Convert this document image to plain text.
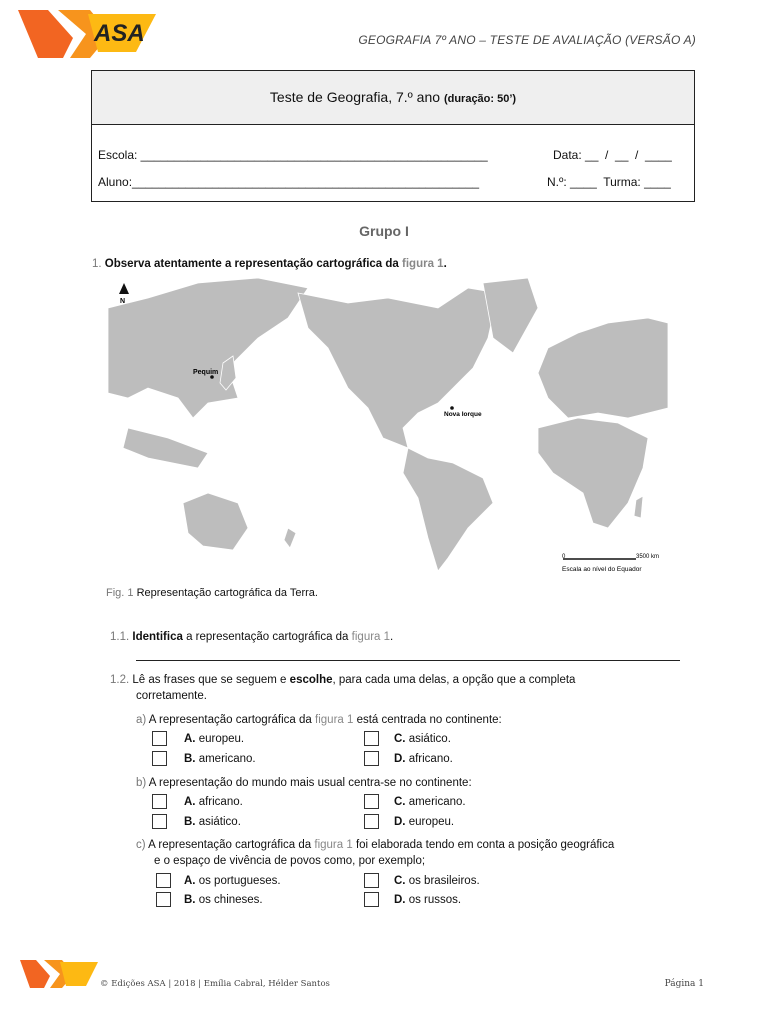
ASA	GEOGRAFIA 7º ANO – TESTE DE AVALIAÇÃO (VERSÃO A)
Teste de Geografia, 7.º ano (duração: 50’)
Escola: ____________________________________________________	Data: __  /  __  /  ____
Aluno:____________________________________________________	N.º: ____  Turma: ____
Grupo I
1. Observa atentamente a representação cartográfica da figura 1.
N
Pequim
Nova Iorque
0	3500 km
Escala ao nível do Equador
Fig. 1 Representação cartográfica da Terra.
1.1. Identifica a representação cartográfica da figura 1.
1.2. Lê as frases que se seguem e escolhe, para cada uma delas, a opção que a completa
corretamente.
a) A representação cartográfica da figura 1 está centrada no continente:
A. europeu.
B. americano.
C. asiático.
D. africano.
b) A representação do mundo mais usual centra-se no continente:
A. africano.
B. asiático.
C. americano.
D. europeu.
c) A representação cartográfica da figura 1 foi elaborada tendo em conta a posição geográfica
e o espaço de vivência de povos como, por exemplo;
A. os portugueses.
B. os chineses.
C. os brasileiros.
D. os russos.
© Edições ASA | 2018 | Emília Cabral, Hélder Santos	Página 1
